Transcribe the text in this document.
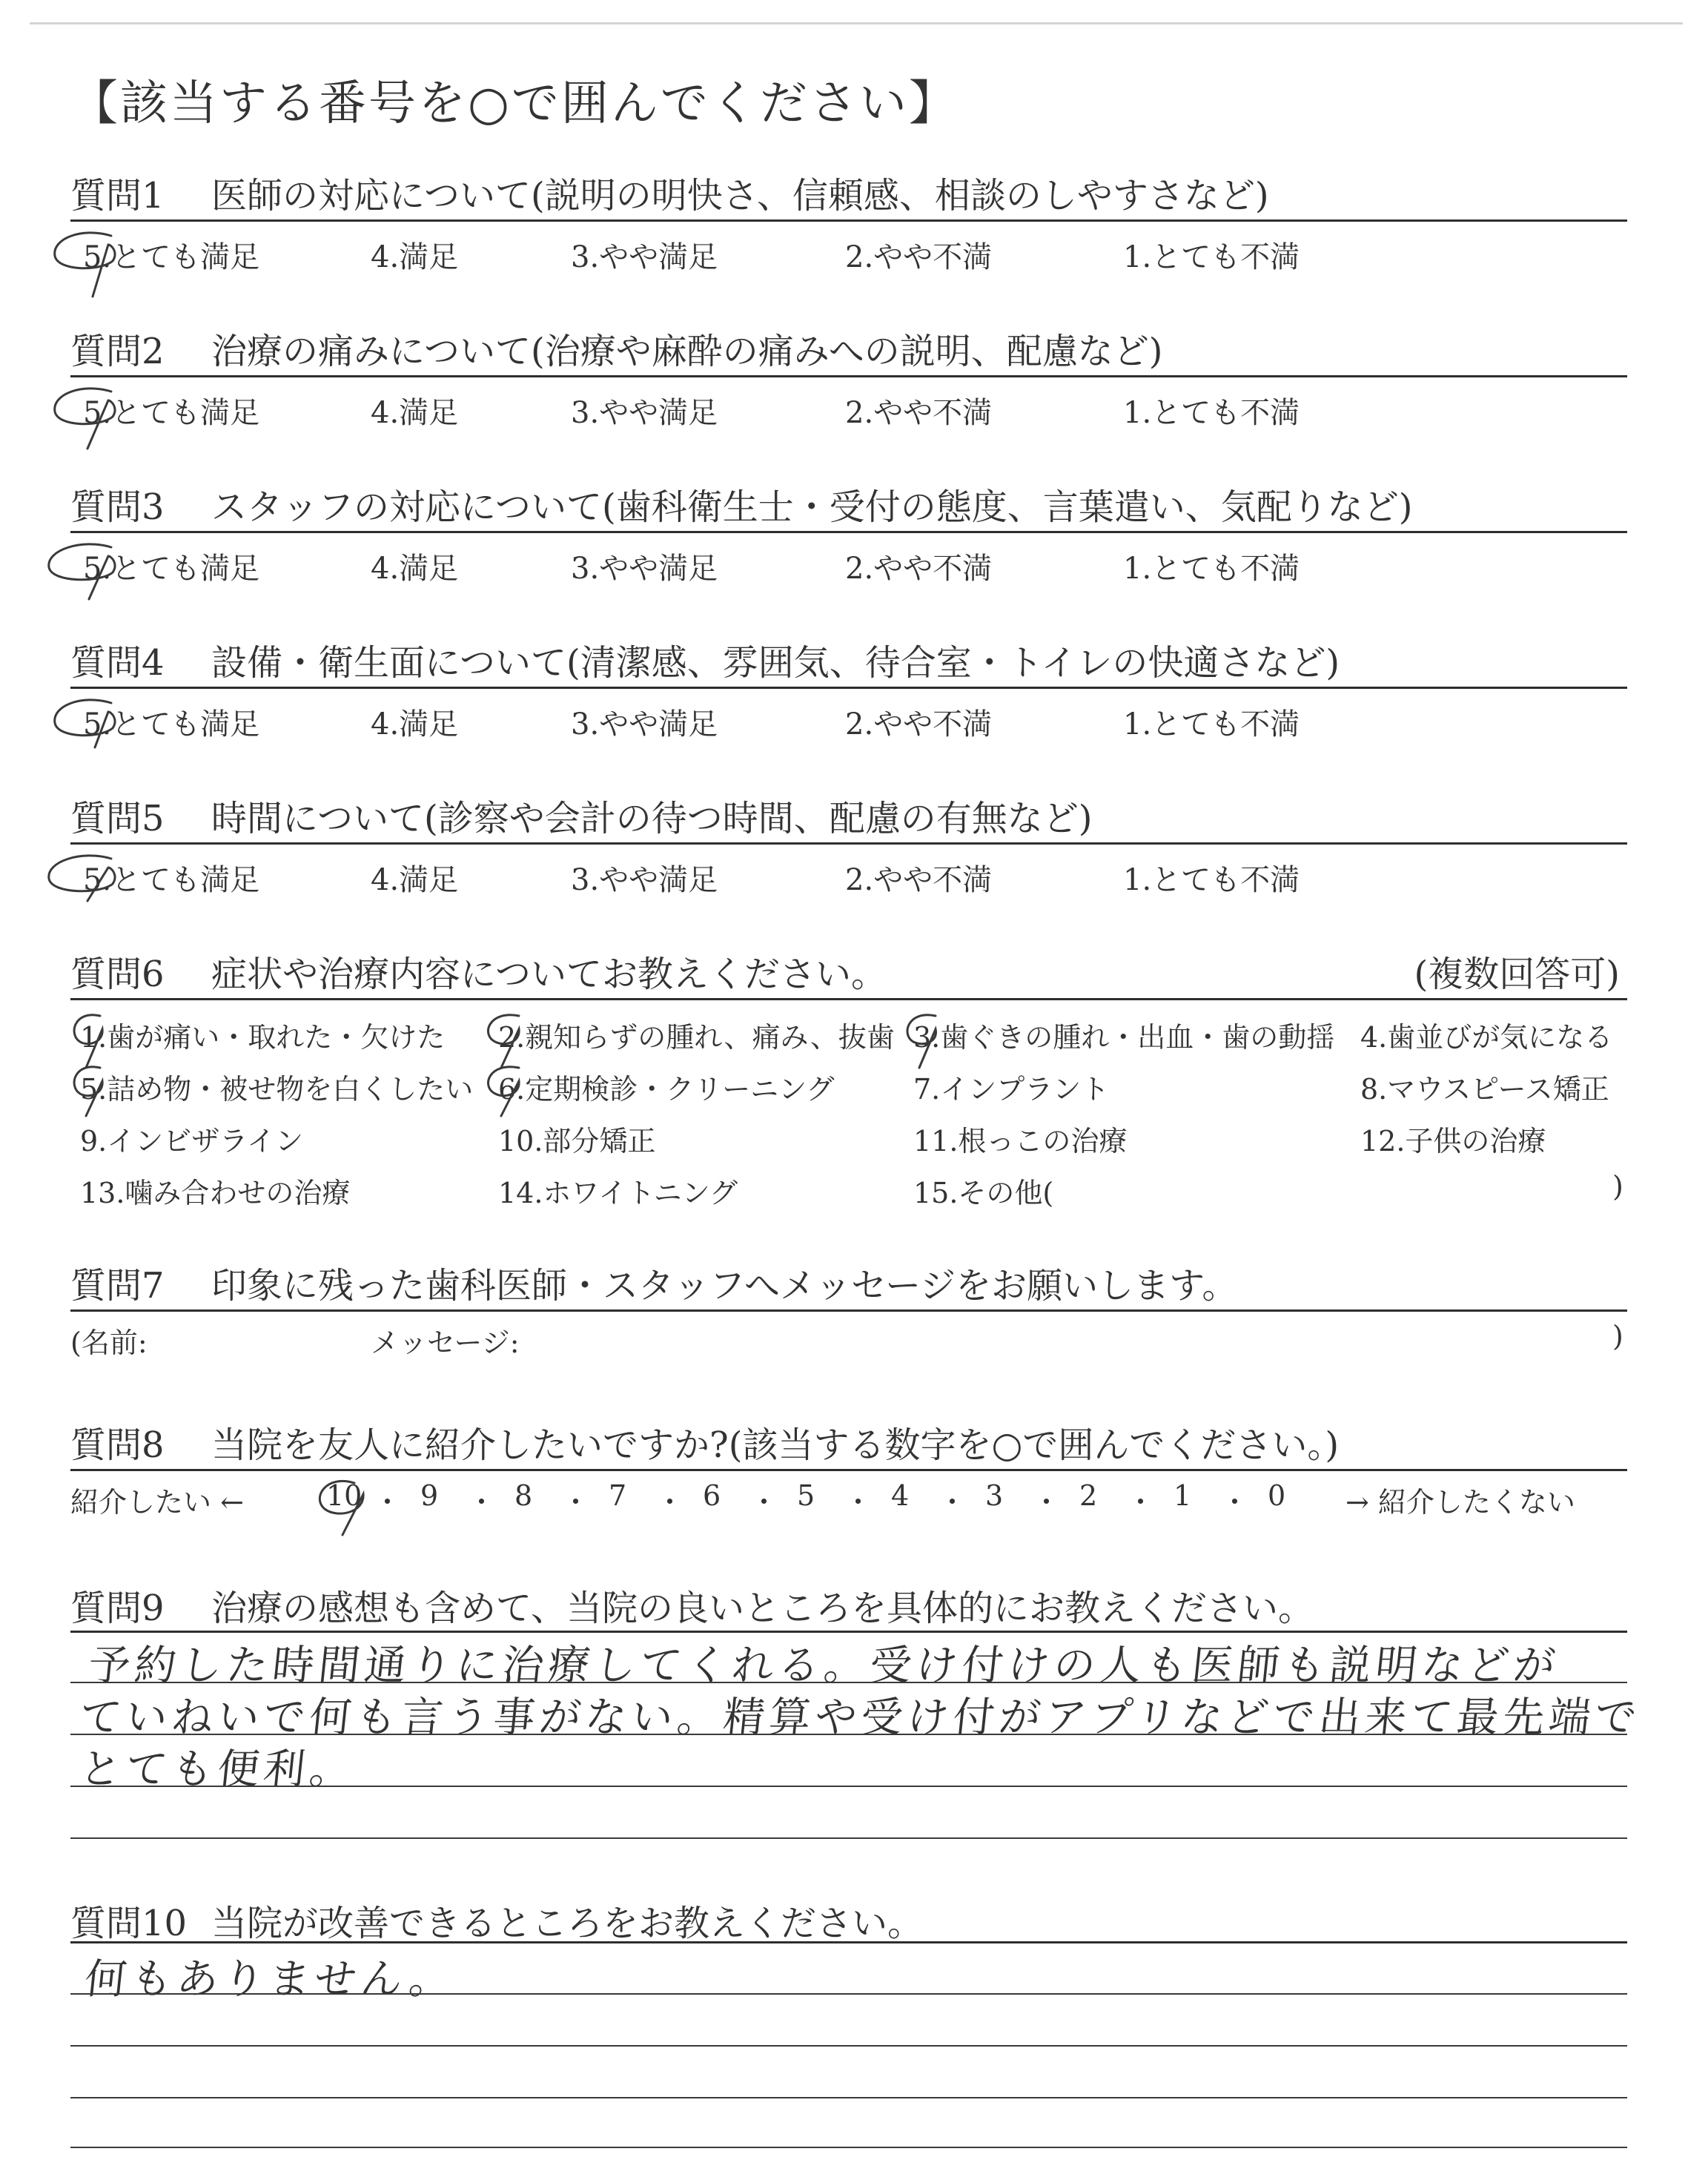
【該当する番号を○で囲んでください】
質問1 医師の対応について(説明の明快さ、信頼感、相談のしやすさなど)
5.とても満足	4.満足	3.やや満足	2.やや不満	1.とても不満
質問2 治療の痛みについて(治療や麻酔の痛みへの説明、配慮など)
5.とても満足	4.満足	3.やや満足	2.やや不満	1.とても不満
質問3 スタッフの対応について(歯科衛生士・受付の態度、言葉遣い、気配りなど)
5.とても満足	4.満足	3.やや満足	2.やや不満	1.とても不満
質問4 設備・衛生面について(清潔感、雰囲気、待合室・トイレの快適さなど)
5.とても満足	4.満足	3.やや満足	2.やや不満	1.とても不満
質問5 時間について(診察や会計の待つ時間、配慮の有無など)
5.とても満足	4.満足	3.やや満足	2.やや不満	1.とても不満
質問6 症状や治療内容についてお教えください。	(複数回答可)
1.歯が痛い・取れた・欠けた 2.親知らずの腫れ、痛み、抜歯 3.歯ぐきの腫れ・出血・歯の動揺 4.歯並びが気になる
5.詰め物・被せ物を白くしたい 6.定期検診・クリーニング	7.インプラント	8.マウスピース矯正
9.インビザライン	10.部分矯正	11.根っこの治療	12.子供の治療
13.噛み合わせの治療	14.ホワイトニング	15.その他(	)
質問7 印象に残った歯科医師・スタッフへメッセージをお願いします。
(名前:	メッセージ:	)
質問8 当院を友人に紹介したいですか?(該当する数字を○で囲んでください。)
紹介したい ←	→ 紹介したくない
10 ・ 9 ・ 8 ・ 7 ・ 6 ・ 5 ・ 4 ・ 3 ・ 2 ・ 1 ・ 0
質問9 治療の感想も含めて、当院の良いところを具体的にお教えください。
予約した時間通りに治療してくれる。受け付けの人も医師も説明などが
ていねいで何も言う事がない。精算や受け付がアプリなどで出来て最先端で
とても便利。
質問10 当院が改善できるところをお教えください。
何もありません。
